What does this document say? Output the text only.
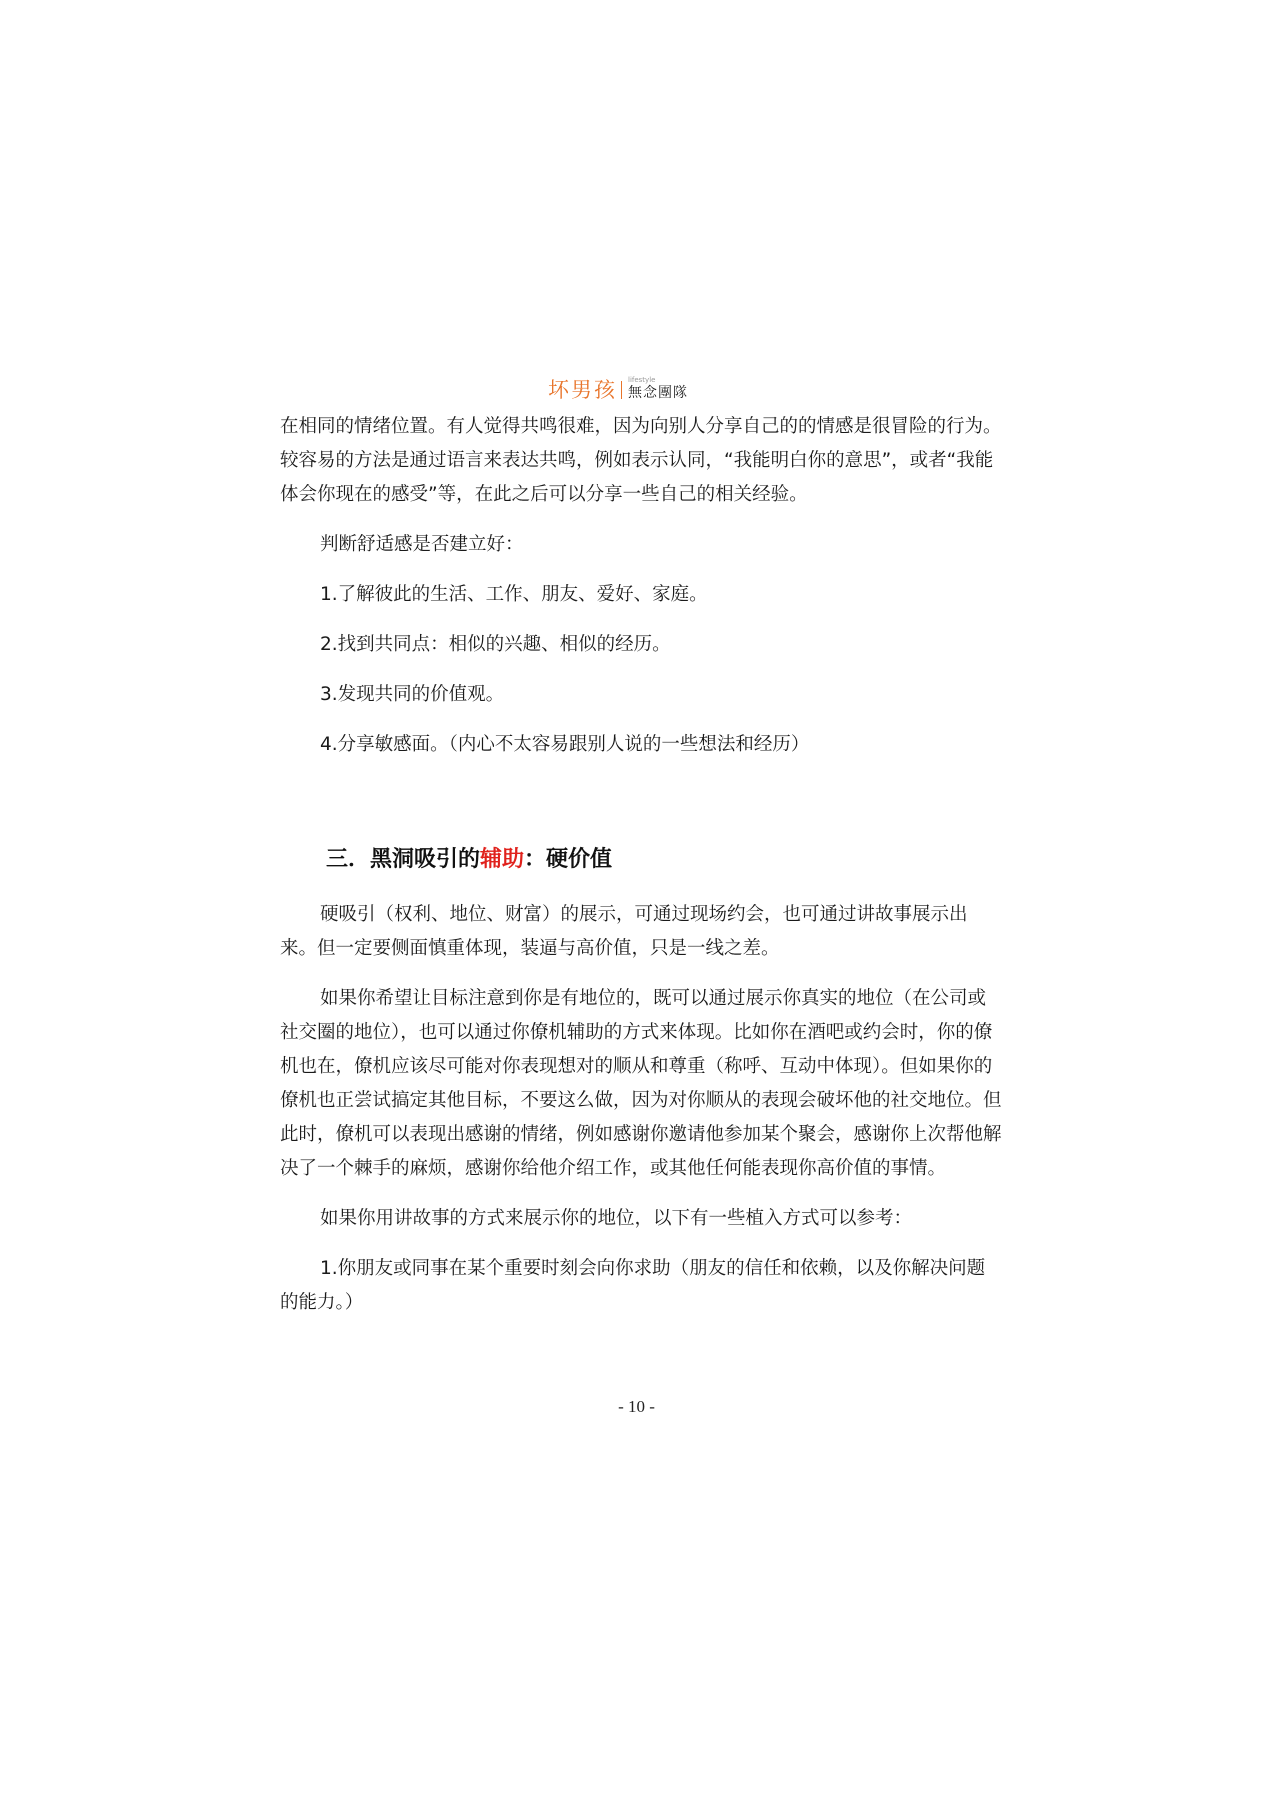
坏男孩 lifestyle
無念團隊

在相同的情绪位置。有人觉得共鸣很难，因为向别人分享自己的的情感是很冒险的行为。较容易的方法是通过语言来表达共鸣，例如表示认同，“我能明白你的意思”，或者“我能体会你现在的感受”等，在此之后可以分享一些自己的相关经验。

判断舒适感是否建立好：

1.了解彼此的生活、工作、朋友、爱好、家庭。

2.找到共同点：相似的兴趣、相似的经历。

3.发现共同的价值观。

4.分享敏感面。（内心不太容易跟别人说的一些想法和经历）

三．黑洞吸引的辅助：硬价值

硬吸引（权利、地位、财富）的展示，可通过现场约会，也可通过讲故事展示出来。但一定要侧面慎重体现，装逼与高价值，只是一线之差。

如果你希望让目标注意到你是有地位的，既可以通过展示你真实的地位（在公司或社交圈的地位），也可以通过你僚机辅助的方式来体现。比如你在酒吧或约会时，你的僚机也在，僚机应该尽可能对你表现想对的顺从和尊重（称呼、互动中体现）。但如果你的僚机也正尝试搞定其他目标，不要这么做，因为对你顺从的表现会破坏他的社交地位。但此时，僚机可以表现出感谢的情绪，例如感谢你邀请他参加某个聚会，感谢你上次帮他解决了一个棘手的麻烦，感谢你给他介绍工作，或其他任何能表现你高价值的事情。

如果你用讲故事的方式来展示你的地位，以下有一些植入方式可以参考：

1.你朋友或同事在某个重要时刻会向你求助（朋友的信任和依赖，以及你解决问题的能力。）

- 10 -
